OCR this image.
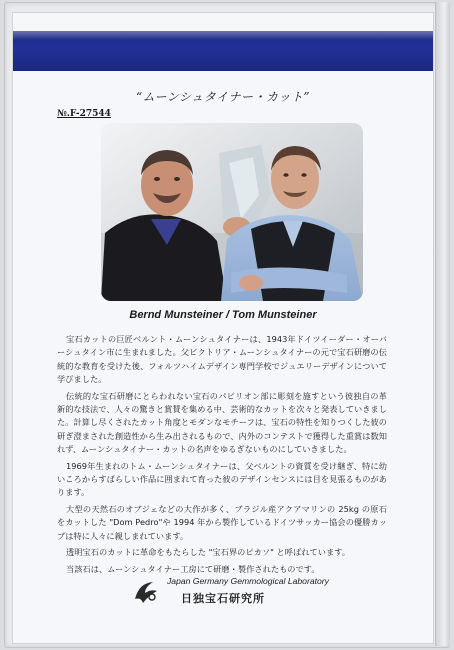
“ムーンシュタイナー・カット”
№.F-27544
Bernd Munsteiner / Tom Munsteiner

宝石カットの巨匠ベルント・ムーンシュタイナーは、1943年ドイツイーダー・オーバーシュタイン市に生まれました。父ビクトリア・ムーンシュタイナーの元で宝石研磨の伝統的な教育を受けた後、フォルツハイムデザイン専門学校でジュエリーデザインについて学びました。

伝統的な宝石研磨にとらわれない宝石のパビリオン部に彫刻を施すという彼独自の革新的な技法で、人々の驚きと賞賛を集める中、芸術的なカットを次々と発表していきました。計算し尽くされたカット角度とモダンなモチーフは、宝石の特性を知りつくした彼の研ぎ澄まされた創造性から生み出されるもので、内外のコンテストで獲得した重賞は数知れず、ムーンシュタイナー・カットの名声をゆるぎないものにしていきました。

1969年生まれのトム・ムーンシュタイナーは、父ベルントの資質を受け継ぎ、特に幼いころからすばらしい作品に囲まれて育った彼のデザインセンスには目を見張るものがあります。

大型の天然石のオブジェなどの大作が多く、ブラジル産アクアマリンの 25kg の原石をカットした "Dom Pedro"や 1994 年から製作しているドイツサッカー協会の優勝カップは特に人々に親しまれています。

透明宝石のカットに革命をもたらした "宝石界のピカソ" と呼ばれています。

当該石は、ムーンシュタイナー工房にて研磨・製作されたものです。

Japan Germany Gemmological Laboratory
日独宝石研究所
